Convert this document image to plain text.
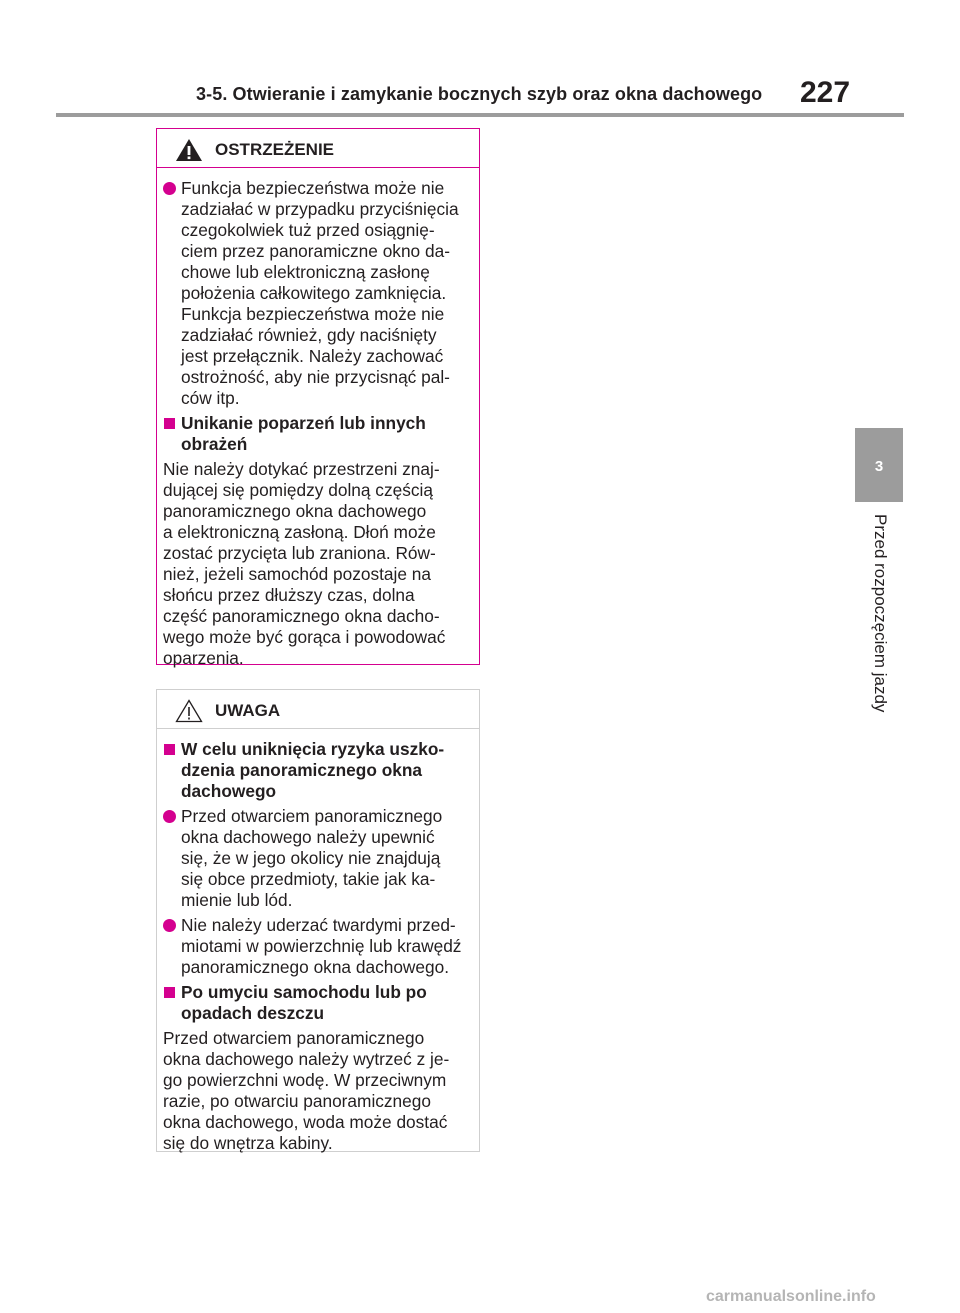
3-5. Otwieranie i zamykanie bocznych szyb oraz okna dachowego 227
3
Przed rozpoczęciem jazdy
OSTRZEŻENIE
Funkcja bezpieczeństwa może nie
zadziałać w przypadku przyciśnięcia
czegokolwiek tuż przed osiągnię-
ciem przez panoramiczne okno da-
chowe lub elektroniczną zasłonę
położenia całkowitego zamknięcia.
Funkcja bezpieczeństwa może nie
zadziałać również, gdy naciśnięty
jest przełącznik. Należy zachować
ostrożność, aby nie przycisnąć pal-
ców itp.
Unikanie poparzeń lub innych
obrażeń
Nie należy dotykać przestrzeni znaj-
dującej się pomiędzy dolną częścią
panoramicznego okna dachowego
a elektroniczną zasłoną. Dłoń może
zostać przycięta lub zraniona. Rów-
nież, jeżeli samochód pozostaje na
słońcu przez dłuższy czas, dolna
część panoramicznego okna dacho-
wego może być gorąca i powodować
oparzenia.
UWAGA
W celu uniknięcia ryzyka uszko-
dzenia panoramicznego okna
dachowego
Przed otwarciem panoramicznego
okna dachowego należy upewnić
się, że w jego okolicy nie znajdują
się obce przedmioty, takie jak ka-
mienie lub lód.
Nie należy uderzać twardymi przed-
miotami w powierzchnię lub krawędź
panoramicznego okna dachowego.
Po umyciu samochodu lub po
opadach deszczu
Przed otwarciem panoramicznego
okna dachowego należy wytrzeć z je-
go powierzchni wodę. W przeciwnym
razie, po otwarciu panoramicznego
okna dachowego, woda może dostać
się do wnętrza kabiny.
carmanualsonline.info
